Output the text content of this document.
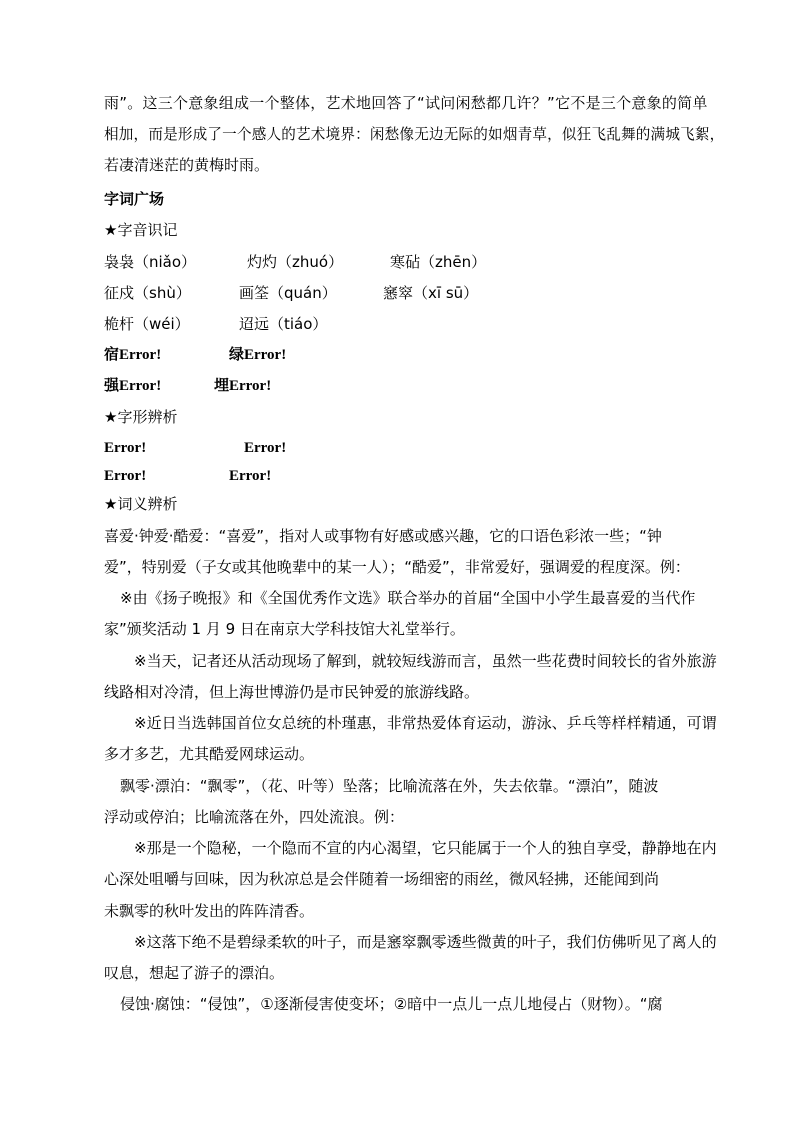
雨”。这三个意象组成一个整体，艺术地回答了“试问闲愁都几许？”它不是三个意象的简单
相加，而是形成了一个感人的艺术境界：闲愁像无边无际的如烟青草，似狂飞乱舞的满城飞絮，
若凄清迷茫的黄梅时雨。
字词广场
★字音识记
袅袅（niǎo）	灼灼（zhuó）	寒砧（zhēn）
征戍（shù）	画筌（quán）	窸窣（xī sū）
桅杆（wéi）	迢远（tiáo）
宿Error!	绿Error!
强Error!	埋Error!
★字形辨析
Error!	Error!
Error!	Error!
★词义辨析
喜爱·钟爱·酷爱：“喜爱”，指对人或事物有好感或感兴趣，它的口语色彩浓一些；“钟
爱”，特别爱（子女或其他晚辈中的某一人）；“酷爱”，非常爱好，强调爱的程度深。例：
※由《扬子晚报》和《全国优秀作文选》联合举办的首届“全国中小学生最喜爱的当代作
家”颁奖活动 1 月 9 日在南京大学科技馆大礼堂举行。
※当天，记者还从活动现场了解到，就较短线游而言，虽然一些花费时间较长的省外旅游
线路相对冷清，但上海世博游仍是市民钟爱的旅游线路。
※近日当选韩国首位女总统的朴瑾惠，非常热爱体育运动，游泳、乒乓等样样精通，可谓
多才多艺，尤其酷爱网球运动。
飘零·漂泊：“飘零”，（花、叶等）坠落；比喻流落在外，失去依靠。“漂泊”，随波
浮动或停泊；比喻流落在外，四处流浪。例：
※那是一个隐秘，一个隐而不宣的内心渴望，它只能属于一个人的独自享受，静静地在内
心深处咀嚼与回味，因为秋凉总是会伴随着一场细密的雨丝，微风轻拂，还能闻到尚
未飘零的秋叶发出的阵阵清香。
※这落下绝不是碧绿柔软的叶子，而是窸窣飘零透些微黄的叶子，我们仿佛听见了离人的
叹息，想起了游子的漂泊。
侵蚀·腐蚀：“侵蚀”，①逐渐侵害使变坏；②暗中一点儿一点儿地侵占（财物）。“腐
